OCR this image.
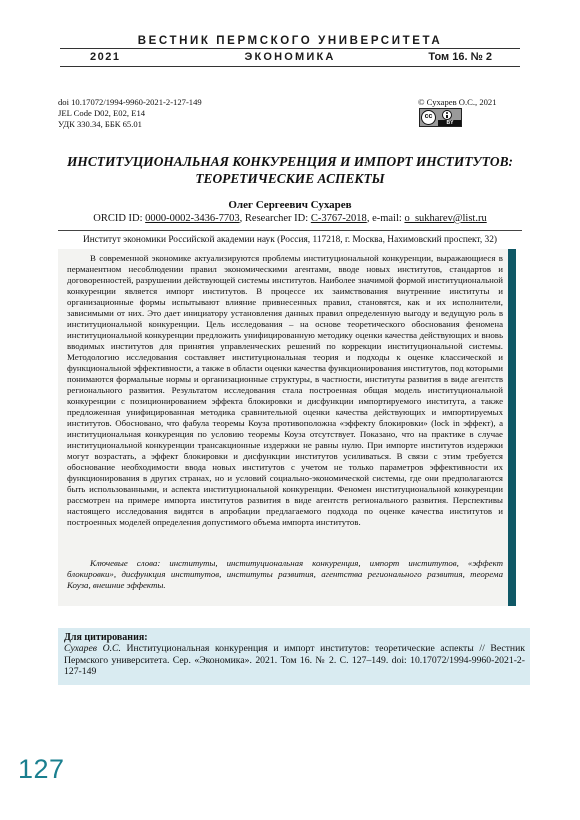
ВЕСТНИК ПЕРМСКОГО УНИВЕРСИТЕТА
2021	ЭКОНОМИКА	Том 16. № 2
doi 10.17072/1994-9960-2021-2-127-149
JEL Code D02, E02, E14
УДК 330.34, ББК 65.01
© Сухарев О.С., 2021
cc
BY
ИНСТИТУЦИОНАЛЬНАЯ КОНКУРЕНЦИЯ И ИМПОРТ ИНСТИТУТОВ: ТЕОРЕТИЧЕСКИЕ АСПЕКТЫ
Олег Сергеевич Сухарев
ORCID ID: 0000-0002-3436-7703, Researcher ID: C-3767-2018, e-mail: o_sukharev@list.ru
Институт экономики Российской академии наук (Россия, 117218, г. Москва, Нахимовский проспект, 32)

В современной экономике актуализируются проблемы институциональной конкуренции, выражающиеся в перманентном несоблюдении правил экономическими агентами, вводе новых институтов, стандартов и договоренностей, разрушении действующей системы институтов. Наиболее значимой формой институциональной конкуренции является импорт институтов. В процессе их заимствования внутренние институты и организационные формы испытывают влияние привнесенных правил, становятся, как и их исполнители, зависимыми от них. Это дает инициатору установления данных правил определенную выгоду и ведущую роль в институциональной конкуренции. Цель исследования – на основе теоретического обоснования феномена институциональной конкуренции предложить унифицированную методику оценки качества действующих и вновь вводимых институтов для принятия управленческих решений по коррекции институциональной системы. Методологию исследования составляет институциональная теория и подходы к оценке классической и функциональной эффективности, а также в области оценки качества функционирования институтов, под которыми понимаются формальные нормы и организационные структуры, в частности, институты развития в виде агентств регионального развития. Результатом исследования стала построенная общая модель институциональной конкуренции с позиционированием эффекта блокировки и дисфункции импортируемого института, а также предложенная унифицированная методика сравнительной оценки качества действующих и импортируемых институтов. Обосновано, что фабула теоремы Коуза противоположна «эффекту блокировки» (lock in эффект), а институциональная конкуренция по условию теоремы Коуза отсутствует. Показано, что на практике в случае институциональной конкуренции трансакционные издержки не равны нулю. При импорте институтов издержки могут возрастать, а эффект блокировки и дисфункции институтов усиливаться. В связи с этим требуется обоснование необходимости ввода новых институтов с учетом не только параметров эффективности их функционирования в других странах, но и условий социально-экономической системы, где они предполагаются быть использованными, и аспекта институциональной конкуренции. Феномен институциональной конкуренции рассмотрен на примере импорта институтов развития в виде агентств регионального развития. Перспективы настоящего исследования видятся в апробации предлагаемого подхода по оценке качества институтов и построенных моделей определения допустимого объема импорта институтов.

Ключевые слова: институты, институциональная конкуренция, импорт институтов, «эффект блокировки», дисфункция институтов, институты развития, агентства регионального развития, теорема Коуза, внешние эффекты.

Для цитирования:
Сухарев О.С. Институциональная конкуренция и импорт институтов: теоретические аспекты // Вестник Пермского университета. Сер. «Экономика». 2021. Том 16. № 2. С. 127–149. doi: 10.17072/1994-9960-2021-2-127-149
127
